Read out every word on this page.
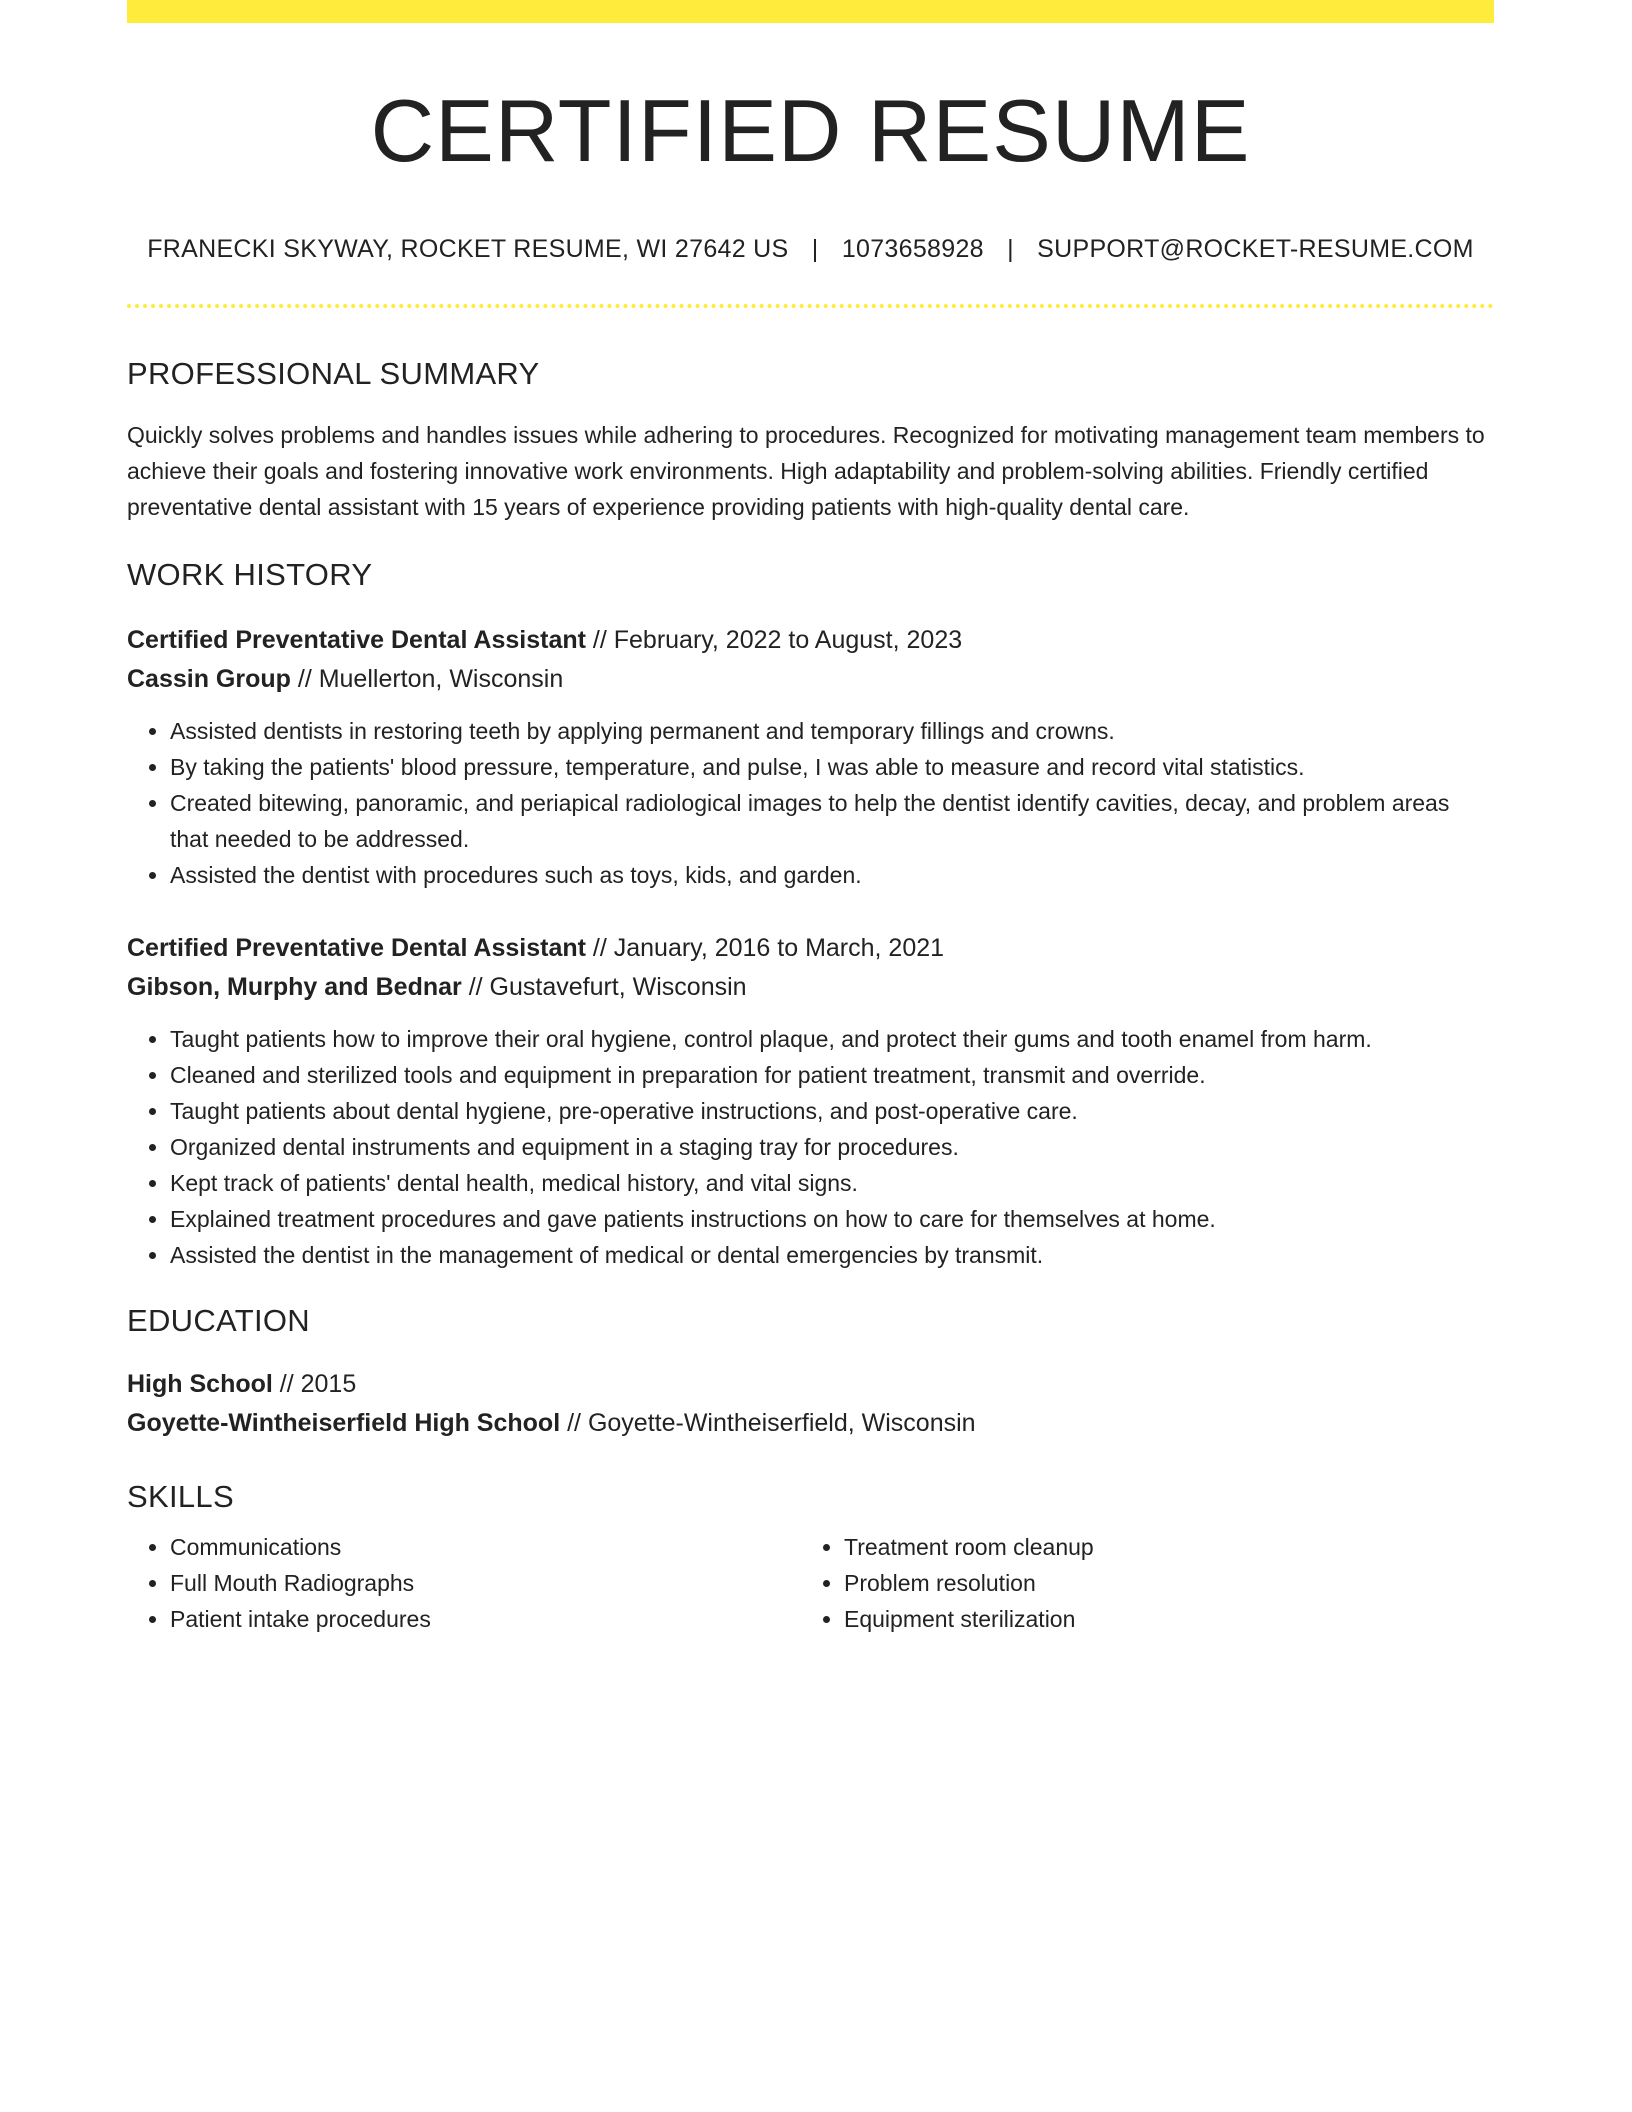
CERTIFIED RESUME
FRANECKI SKYWAY, ROCKET RESUME, WI 27642 US | 1073658928 | SUPPORT@ROCKET-RESUME.COM
PROFESSIONAL SUMMARY
Quickly solves problems and handles issues while adhering to procedures. Recognized for motivating management team members to achieve their goals and fostering innovative work environments. High adaptability and problem-solving abilities. Friendly certified preventative dental assistant with 15 years of experience providing patients with high-quality dental care.
WORK HISTORY
Certified Preventative Dental Assistant // February, 2022 to August, 2023
Cassin Group // Muellerton, Wisconsin
• Assisted dentists in restoring teeth by applying permanent and temporary fillings and crowns.
• By taking the patients' blood pressure, temperature, and pulse, I was able to measure and record vital statistics.
• Created bitewing, panoramic, and periapical radiological images to help the dentist identify cavities, decay, and problem areas that needed to be addressed.
• Assisted the dentist with procedures such as toys, kids, and garden.
Certified Preventative Dental Assistant // January, 2016 to March, 2021
Gibson, Murphy and Bednar // Gustavefurt, Wisconsin
• Taught patients how to improve their oral hygiene, control plaque, and protect their gums and tooth enamel from harm.
• Cleaned and sterilized tools and equipment in preparation for patient treatment, transmit and override.
• Taught patients about dental hygiene, pre-operative instructions, and post-operative care.
• Organized dental instruments and equipment in a staging tray for procedures.
• Kept track of patients' dental health, medical history, and vital signs.
• Explained treatment procedures and gave patients instructions on how to care for themselves at home.
• Assisted the dentist in the management of medical or dental emergencies by transmit.
EDUCATION
High School // 2015
Goyette-Wintheiserfield High School // Goyette-Wintheiserfield, Wisconsin
SKILLS
• Communications
• Full Mouth Radiographs
• Patient intake procedures
• Treatment room cleanup
• Problem resolution
• Equipment sterilization
